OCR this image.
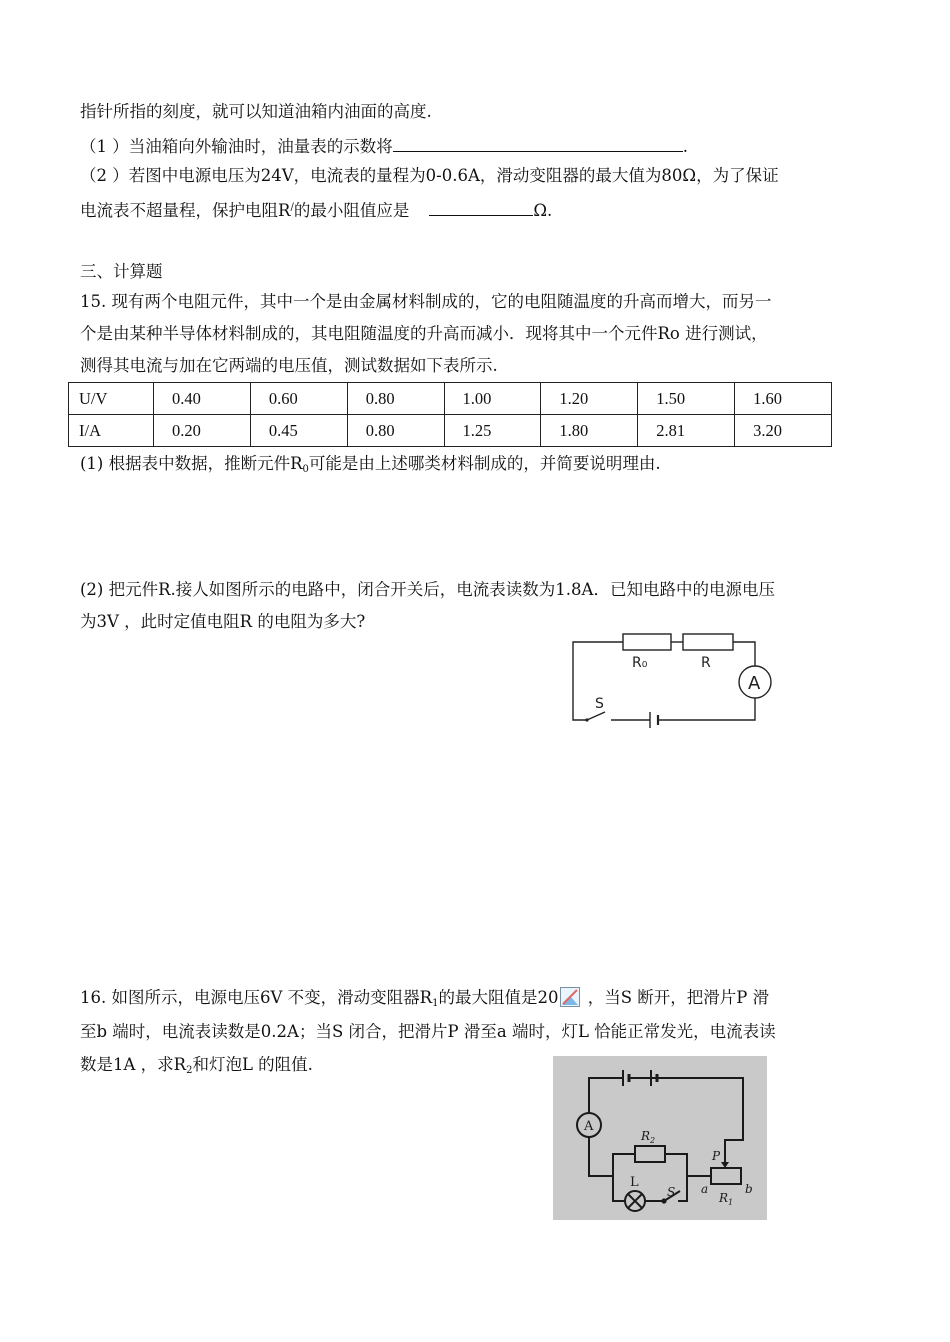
指针所指的刻度，就可以知道油箱内油面的高度.
（1 ）当油箱向外输油时，油量表的示数将	.
（2 ）若图中电源电压为24V，电流表的量程为0-0.6A，滑动变阻器的最大值为80Ω，为了保证
电流表不超量程，保护电阻R/的最小阻值应是	Ω.
三、计算题
15. 现有两个电阻元件，其中一个是由金属材料制成的，它的电阻随温度的升高而增大，而另一
个是由某种半导体材料制成的，其电阻随温度的升高而减小．现将其中一个元件Ro 进行测试，
测得其电流与加在它两端的电压值，测试数据如下表所示.
U/V	0.40	0.60	0.80	1.00	1.20	1.50	1.60
I/A	0.20	0.45	0.80	1.25	1.80	2.81	3.20
(1) 根据表中数据，推断元件$R_0$可能是由上述哪类材料制成的，并简要说明理由.
(2) 把元件R.接人如图所示的电路中，闭合开关后，电流表读数为1.8A．已知电路中的电源电压
为3V ，此时定值电阻R 的电阻为多大?
R₀	R
A
S
16. 如图所示，电源电压6V 不变，滑动变阻器$R_1$的最大阻值是20 ，当S 断开，把滑片P 滑
至b 端时，电流表读数是0.2A；当S 闭合，把滑片P 滑至a 端时，灯L 恰能正常发光，电流表读
数是1A ，求$R_2$和灯泡L 的阻值.
A
$R_2$
P
L
S a	b
$R_1$
